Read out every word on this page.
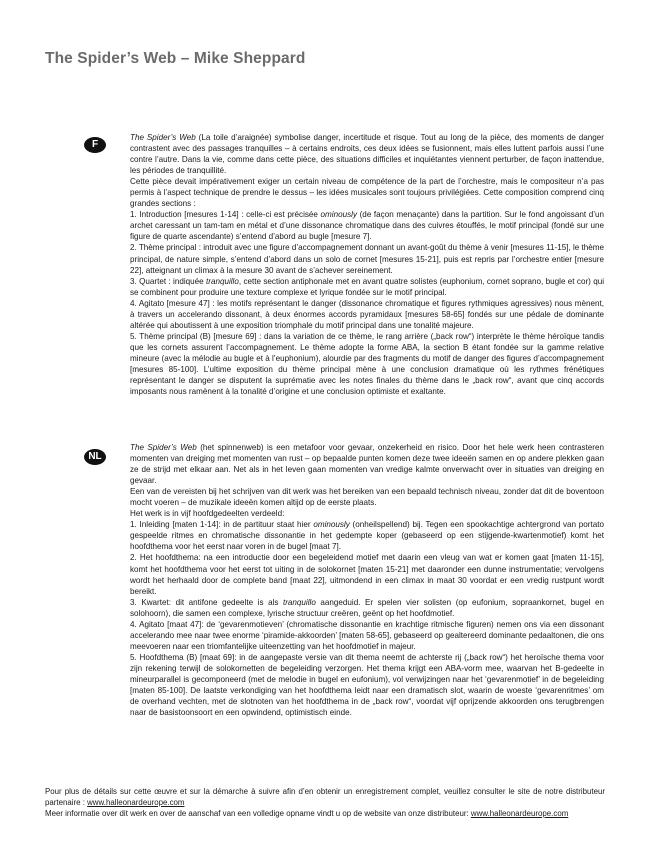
The Spider’s Web – Mike Sheppard
F

The Spider’s Web (La toile d’araignée) symbolise danger, incertitude et risque. Tout au long de la pièce, des moments de danger contrastent avec des passages tranquilles – à certains endroits, ces deux idées se fusionnent, mais elles luttent parfois aussi l’une contre l’autre. Dans la vie, comme dans cette pièce, des situations difficiles et inquiétantes viennent perturber, de façon inattendue, les périodes de tranquillité.

Cette pièce devait impérativement exiger un certain niveau de compétence de la part de l’orchestre, mais le compositeur n’a pas permis à l’aspect technique de prendre le dessus – les idées musicales sont toujours privilégiées. Cette composition comprend cinq grandes sections :

1. Introduction [mesures 1-14] : celle-ci est précisée ominously (de façon menaçante) dans la partition. Sur le fond angoissant d’un archet caressant un tam-tam en métal et d’une dissonance chromatique dans des cuivres étouffés, le motif principal (fondé sur une figure de quarte ascendante) s’entend d’abord au bugle [mesure 7].

2. Thème principal : introduit avec une figure d’accompagnement donnant un avant-goût du thème à venir [mesures 11-15], le thème principal, de nature simple, s’entend d’abord dans un solo de cornet [mesures 15-21], puis est repris par l’orchestre entier [mesure 22], atteignant un climax à la mesure 30 avant de s’achever sereinement.

3. Quartet : indiquée tranquillo, cette section antiphonale met en avant quatre solistes (euphonium, cornet soprano, bugle et cor) qui se combinent pour produire une texture complexe et lyrique fondée sur le motif principal.

4. Agitato [mesure 47] : les motifs représentant le danger (dissonance chromatique et figures rythmiques agressives) nous mènent, à travers un accelerando dissonant, à deux énormes accords pyramidaux [mesures 58-65] fondés sur une pédale de dominante altérée qui aboutissent à une exposition triomphale du motif principal dans une tonalité majeure.

5. Thème principal (B) [mesure 69] : dans la variation de ce thème, le rang arrière („back row“) interprète le thème héroïque tandis que les cornets assurent l’accompagnement. Le thème adopte la forme ABA, la section B étant fondée sur la gamme relative mineure (avec la mélodie au bugle et à l’euphonium), alourdie par des fragments du motif de danger des figures d’accompagnement [mesures 85-100]. L’ultime exposition du thème principal mène à une conclusion dramatique où les rythmes frénétiques représentant le danger se disputent la suprématie avec les notes finales du thème dans le „back row“, avant que cinq accords imposants nous ramènent à la tonalité d’origine et une conclusion optimiste et exaltante.

NL

The Spider’s Web (het spinnenweb) is een metafoor voor gevaar, onzekerheid en risico. Door het hele werk heen contrasteren momenten van dreiging met momenten van rust – op bepaalde punten komen deze twee ideeën samen en op andere plekken gaan ze de strijd met elkaar aan. Net als in het leven gaan momenten van vredige kalmte onverwacht over in situaties van dreiging en gevaar.

Een van de vereisten bij het schrijven van dit werk was het bereiken van een bepaald technisch niveau, zonder dat dit de boventoon mocht voeren – de muzikale ideeën komen altijd op de eerste plaats.

Het werk is in vijf hoofdgedeelten verdeeld:

1. Inleiding [maten 1-14]: in de partituur staat hier ominously (onheilspellend) bij. Tegen een spookachtige achtergrond van portato gespeelde ritmes en chromatische dissonantie in het gedempte koper (gebaseerd op een stijgende-kwartenmotief) komt het hoofdthema voor het eerst naar voren in de bugel [maat 7].

2. Het hoofdthema: na een introductie door een begeleidend motief met daarin een vleug van wat er komen gaat [maten 11-15], komt het hoofdthema voor het eerst tot uiting in de solokornet [maten 15-21] met daaronder een dunne instrumentatie; vervolgens wordt het herhaald door de complete band [maat 22], uitmondend in een climax in maat 30 voordat er een vredig rustpunt wordt bereikt.

3. Kwartet: dit antifone gedeelte is als tranquillo aangeduid. Er spelen vier solisten (op eufonium, sopraankornet, bugel en solohoorn), die samen een complexe, lyrische structuur creëren, geënt op het hoofdmotief.

4. Agitato [maat 47]: de ‘gevarenmotieven’ (chromatische dissonantie en krachtige ritmische figuren) nemen ons via een dissonant accelerando mee naar twee enorme ‘piramide-akkoorden’ [maten 58-65], gebaseerd op gealtereerd dominante pedaaltonen, die ons meevoeren naar een triomfantelijke uiteenzetting van het hoofdmotief in majeur.

5. Hoofdthema (B) [maat 69]: in de aangepaste versie van dit thema neemt de achterste rij („back row“) het heroïsche thema voor zijn rekening terwijl de solokornetten de begeleiding verzorgen. Het thema krijgt een ABA-vorm mee, waarvan het B-gedeelte in mineurparallel is gecomponeerd (met de melodie in bugel en eufonium), vol verwijzingen naar het ‘gevarenmotief’ in de begeleiding [maten 85-100]. De laatste verkondiging van het hoofdthema leidt naar een dramatisch slot, waarin de woeste ‘gevarenritmes’ om de overhand vechten, met de slotnoten van het hoofdthema in de „back row“, voordat vijf oprijzende akkoorden ons terugbrengen naar de basistoonsoort en een opwindend, optimistisch einde.

Pour plus de détails sur cette œuvre et sur la démarche à suivre afin d’en obtenir un enregistrement complet, veuillez consulter le site de notre distributeur partenaire : www.halleonardeurope.com

Meer informatie over dit werk en over de aanschaf van een volledige opname vindt u op de website van onze distributeur: www.halleonardeurope.com
